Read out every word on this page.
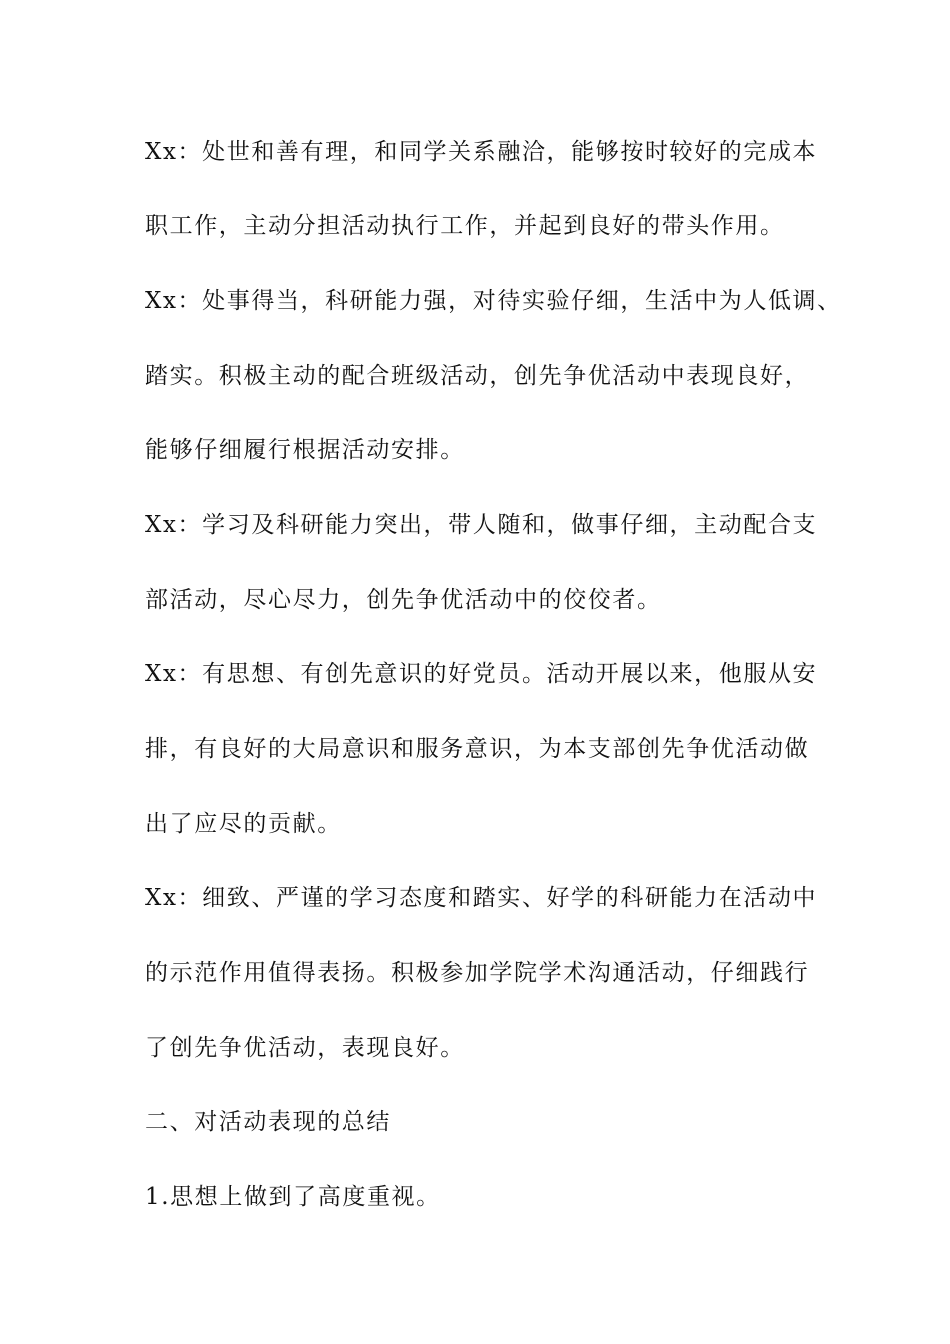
Xx：处世和善有理，和同学关系融洽，能够按时较好的完成本
职工作，主动分担活动执行工作，并起到良好的带头作用。
Xx：处事得当，科研能力强，对待实验仔细，生活中为人低调、
踏实。积极主动的配合班级活动，创先争优活动中表现良好，
能够仔细履行根据活动安排。
Xx：学习及科研能力突出，带人随和，做事仔细，主动配合支
部活动，尽心尽力，创先争优活动中的佼佼者。
Xx：有思想、有创先意识的好党员。活动开展以来，他服从安
排，有良好的大局意识和服务意识，为本支部创先争优活动做
出了应尽的贡献。
Xx：细致、严谨的学习态度和踏实、好学的科研能力在活动中
的示范作用值得表扬。积极参加学院学术沟通活动，仔细践行
了创先争优活动，表现良好。
二、对活动表现的总结
1.思想上做到了高度重视。
